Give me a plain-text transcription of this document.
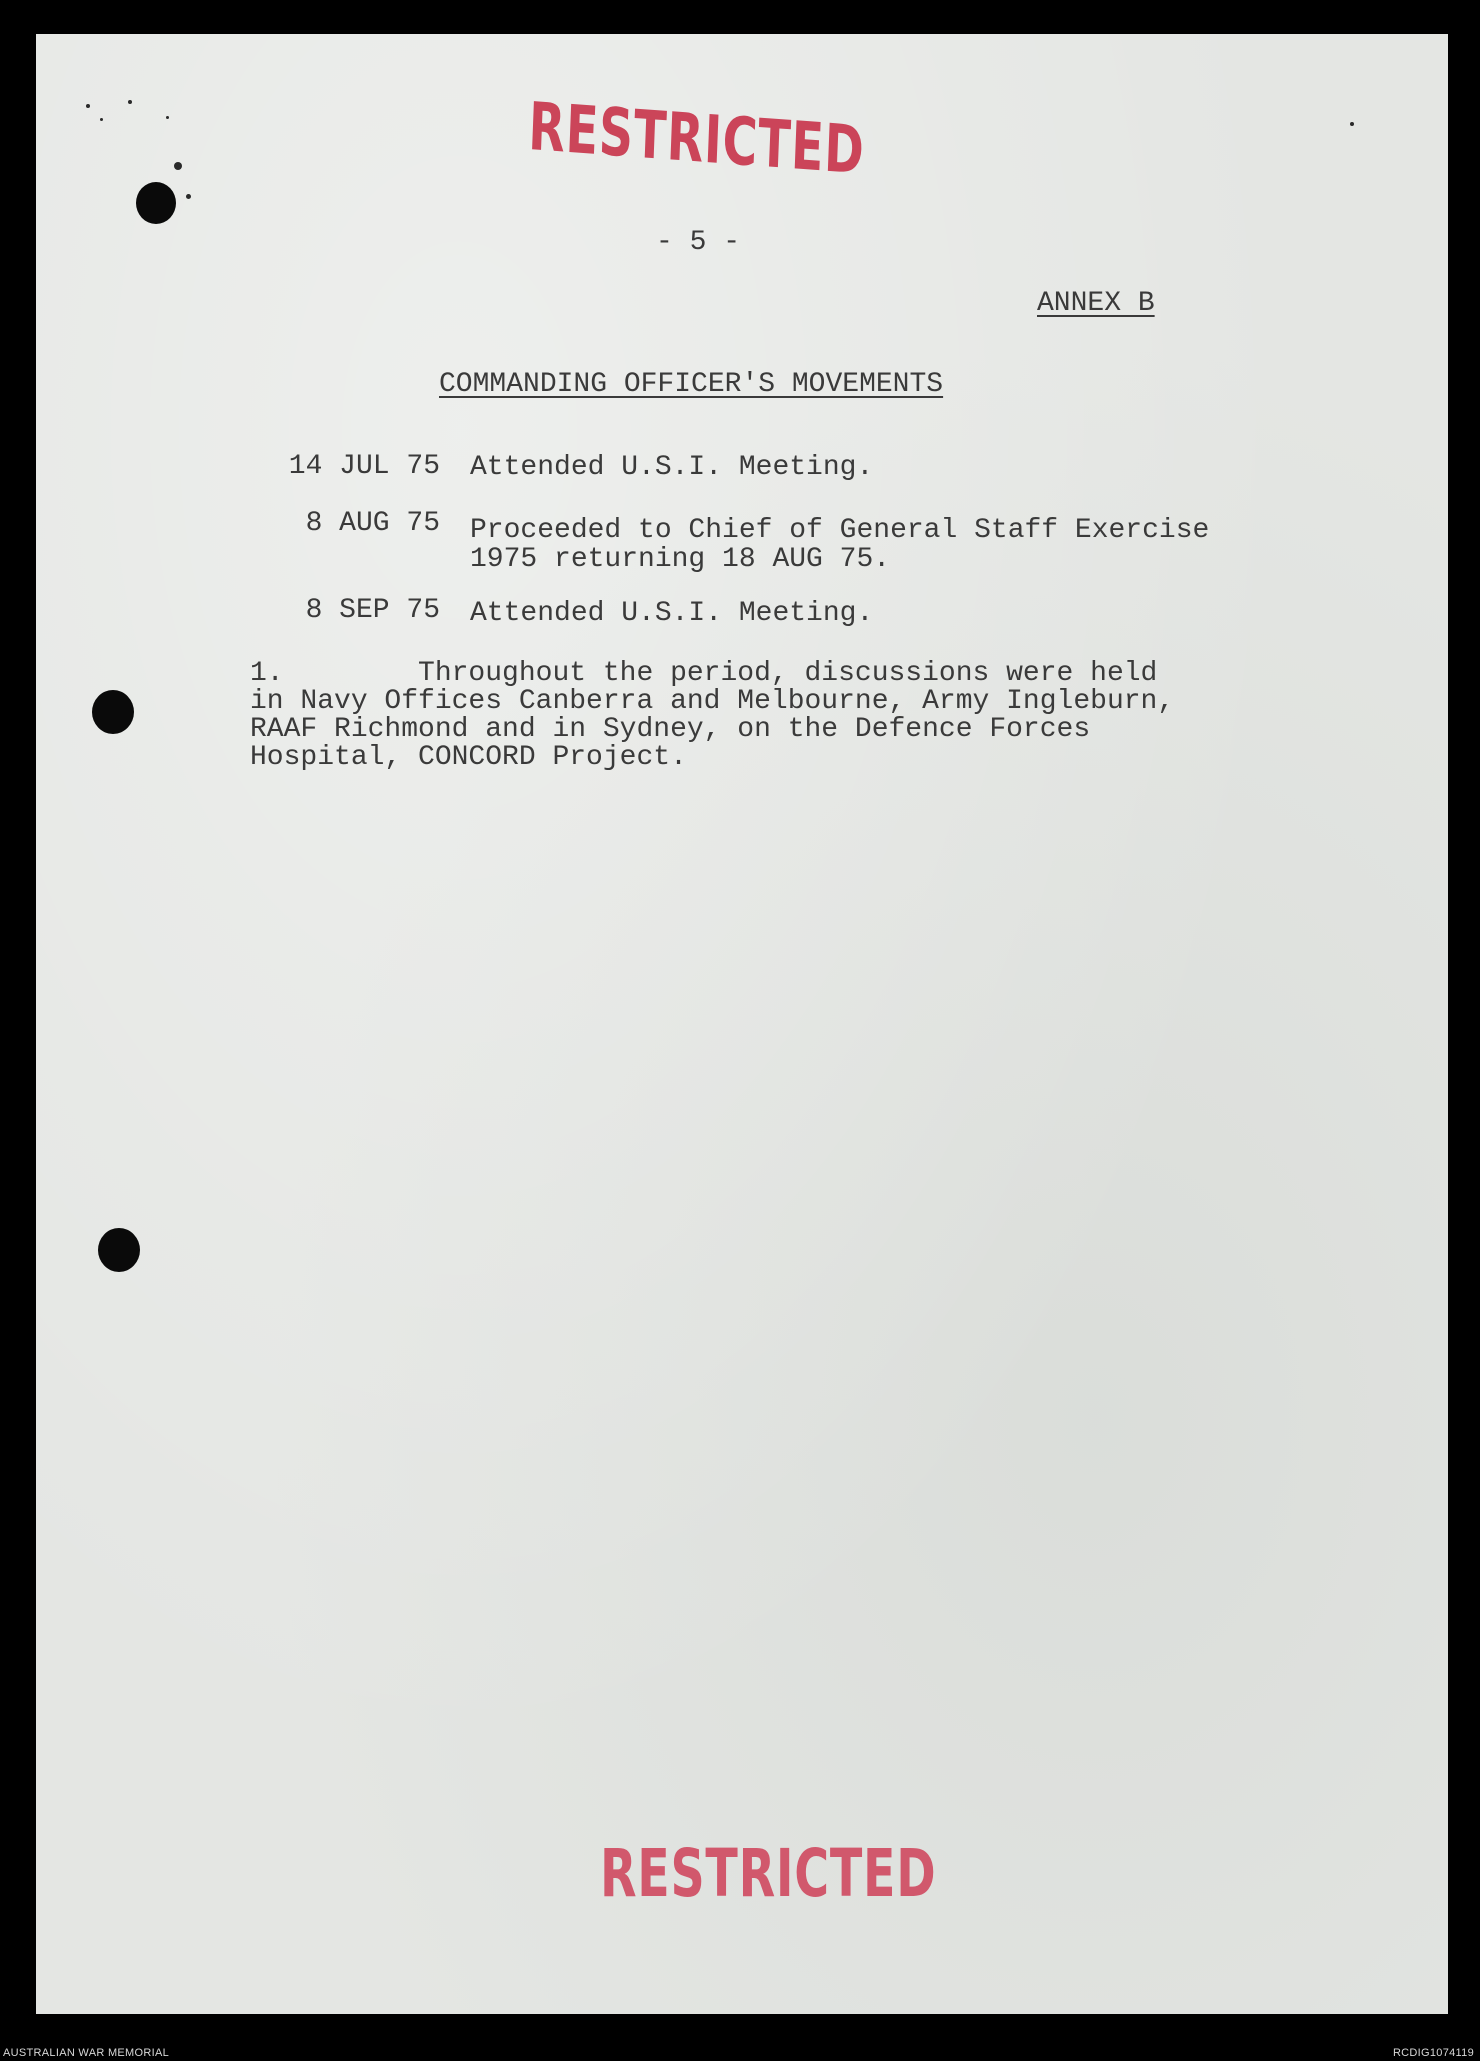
RESTRICTED
- 5 -
ANNEX B
COMMANDING OFFICER'S MOVEMENTS
14 JUL 75 Attended U.S.I. Meeting.
8 AUG 75 Proceeded to Chief of General Staff Exercise
1975 returning 18 AUG 75.
8 SEP 75 Attended U.S.I. Meeting.
1.        Throughout the period, discussions were held
in Navy Offices Canberra and Melbourne, Army Ingleburn,
RAAF Richmond and in Sydney, on the Defence Forces
Hospital, CONCORD Project.
RESTRICTED
AUSTRALIAN WAR MEMORIAL	RCDIG1074119
